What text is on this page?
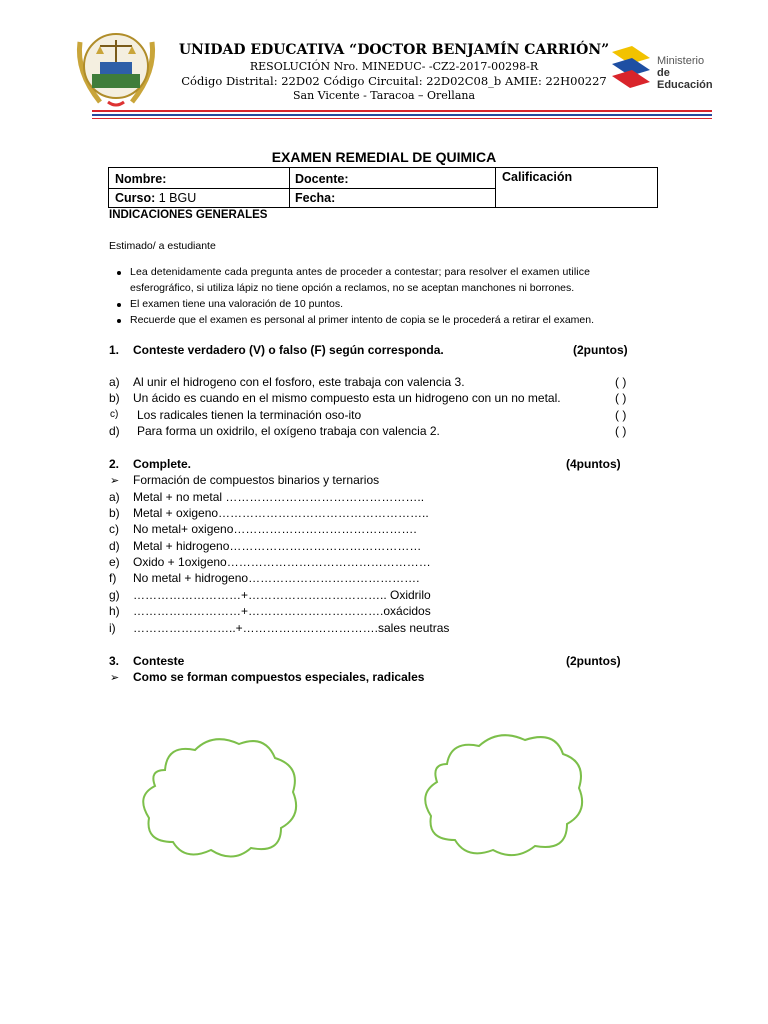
UNIDAD EDUCATIVA “DOCTOR BENJAMÍN CARRIÓN”
RESOLUCIÓN Nro. MINEDUC- -CZ2-2017-00298-R
Código Distrital: 22D02 Código Circuital: 22D02C08_b AMIE: 22H00227
San Vicente - Taracoa – Orellana
Ministerio
de Educación
EXAMEN REMEDIAL DE QUIMICA
Nombre:	Docente:	Calificación
Curso: 1 BGU	Fecha:
INDICACIONES GENERALES
Estimado/ a estudiante
Lea detenidamente cada pregunta antes de proceder a contestar; para resolver el examen utilice
esferográfico, si utiliza lápiz no tiene opción a reclamos, no se aceptan manchones ni borrones.
El examen tiene una valoración de 10 puntos.
Recuerde que el examen es personal al primer intento de copia se le procederá a retirar el examen.
1. Conteste verdadero (V) o falso (F) según corresponda.	(2puntos)
a) Al unir el hidrogeno con el fosforo, este trabaja con valencia 3.	( )
b) Un ácido es cuando en el mismo compuesto esta un hidrogeno con un no metal.	( )
c) Los radicales tienen la terminación oso-ito	( )
d) Para forma un oxidrilo, el oxígeno trabaja con valencia 2.	( )
2. Complete.	(4puntos)
➢ Formación de compuestos binarios y ternarios
a) Metal + no metal …………………………………………..
b) Metal + oxigeno……………………………………………..
c) No metal+ oxigeno……………………………………….
d) Metal + hidrogeno…………………………………………
e) Oxido + 1oxigeno……………………………………………
f) No metal + hidrogeno…………………………………….
g) ………………………+…………………………….. Oxidrilo
h) ………………………+…………………………….oxácidos
i) ……………………..+…………………………….sales neutras
3. Conteste	(2puntos)
➢ Como se forman compuestos especiales, radicales
